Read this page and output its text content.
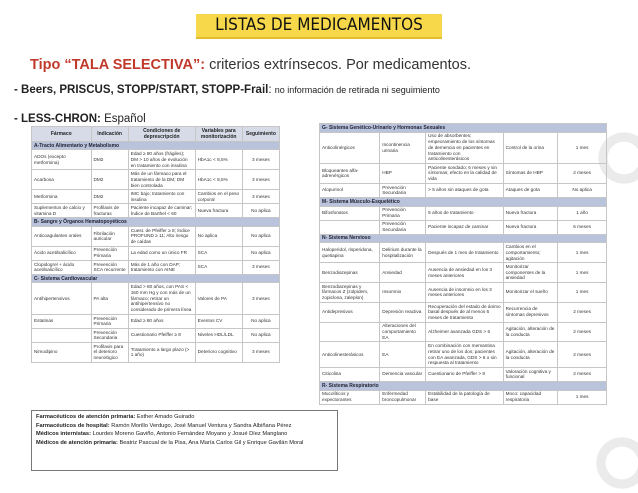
LISTAS DE MEDICAMENTOS
Tipo “TALA SELECTIVA”: criterios extrínsecos. Por medicamentos.
- Beers, PRISCUS, STOPP/START, STOPP-Frail: no información de retirada ni seguimiento
- LESS-CHRON: Español
Fármaco	Indicación	Condiciones de deprescripción	Variables para monitorización	Seguimiento
A-Tracto Alimentario y Metabolismo				
ADOs (excepto metformina)	DM2	Edad ≥ 80 años (frágiles); DM > 10 años de evolución en tratamiento con insulina	HbA1c < 8,5%	3 meses
Acarbosa	DM2	Más de un fármaco para el tratamiento de la DM; DM bien controlada	HbA1c < 8,5%	3 meses
Metformina	DM2	IMC bajo; tratamiento con insulina	Cambios en el peso corporal	3 meses
Suplementos de calcio y vitamina D	Profilaxis de fracturas	Paciente incapaz de caminar; Índice de Barthel < 60	Nueva fractura	No aplica
B- Sangre y Órganos Hematopoyéticos				
Anticoagulantes orales	Fibrilación auricular	Cuest. de Pfeiffer ≥ 8; Índice PROFUND ≥ 11; Alto riesgo de caídas	No aplica	No aplica
Ácido acetilsalicílico	Prevención Primaria	La edad como un único FR	SCA	No aplica
Clopidogrel + ácido acetilsalicílico	Prevención SCA recurrente	Más de 1 año con DAP; tratamiento con AINE	SCA	3 meses
C- Sistema Cardiovascular				
Antihipertensivos	PA alta	Edad > 80 años, con PAS < 160 mm Hg y con más de un fármaco; retirar un antihipertensivo no considerado de primera línea	Valores de PA	3 meses
Estatinas	Prevención Primaria	Edad ≥ 80 años	Eventos CV	No aplica
	Prevención Secundaria	Cuestionario Pfeiffer ≥ 8	Niveles HDL/LDL	No aplica
Nimodipino	Profilaxis para el deterioro neurológico	Tratamiento a largo plazo (> 1 año)	Deterioro cognitivo	3 meses
G- Sistema Genético-Urinario y Hormonas Sexuales				
Anticolinérgicos	Incontinencia urinaria	Uso de absorbentes; empeoramiento de los síntomas de demencia en pacientes en tratamiento con anticolinesterásicos	Control de la orina	1 mes
Bloqueantes alfa-adrenérgicos	HBP	Paciente sondado; 6 meses y sin síntomas; efecto en la calidad de vida	Síntomas de HBP	2 meses
Alopurinol	Prevención Secundaria	> 5 años sin ataques de gota	Ataques de gota	No aplica
M- Sistema Músculo-Esquelético				
Bifosfonatos	Prevención Primaria	5 años de tratamiento	Nueva fractura	1 año
	Prevención Secundaria	Paciente incapaz de caminar	Nueva fractura	6 meses
N- Sistema Nervioso				
Haloperidol, risperidona, quetiapina	Delirium durante la hospitalización	Después de 1 mes de tratamiento	Cambios en el comportamiento; agitación	1 mes
Benzodiazepinas	Ansiedad	Ausencia de ansiedad en los 3 meses anteriores	Monitorizar componentes de la ansiedad	1 mes
Benzodiazepinas y fármacos Z (zolpidem, zopiclona, zaleplon)	Insomnio	Ausencia de insomnio en los 3 meses anteriores	Monitorizar el sueño	1 mes
Antidepresivos	Depresión reactiva	Recuperación del estado de ánimo basal después de al menos 6 meses de tratamiento	Recurrencia de síntomas depresivos	2 meses
	Alteraciones del comportamiento EA	Alzheimer avanzada GDS > 6	Agitación, alteración de la conducta	2 meses
Anticolinesterásicos	EA	En combinación con memantina retirar uno de los dos; pacientes con EA avanzada, GDS > 6 o sin respuesta al tratamiento	Agitación, alteración de la conducta	2 meses
Citicolina	Demencia vascular	Cuestionario de Pfeiffer > 8	Valoración cognitiva y funcional	2 meses
R- Sistema Respiratorio				
Mucolíticos y expectorantes	Enfermedad broncopulmonar	Estabilidad de la patología de base	Moco: capacidad respiratoria	1 mes
Farmacéuticos de atención primaria: Esther Amado Guirado
Farmacéuticos de hospital: Ramón Morillo Verdugo, José Manuel Ventura y Sandra Albiñana Pérez
Médicos internistas: Lourdes Moreno Gaviño, Antonio Fernández Moyano y Josué Díez Manglano
Médicos de atención primaria: Beatriz Pascual de la Pisa, Ana María Carlos Gil y Enrique Gavilán Moral
